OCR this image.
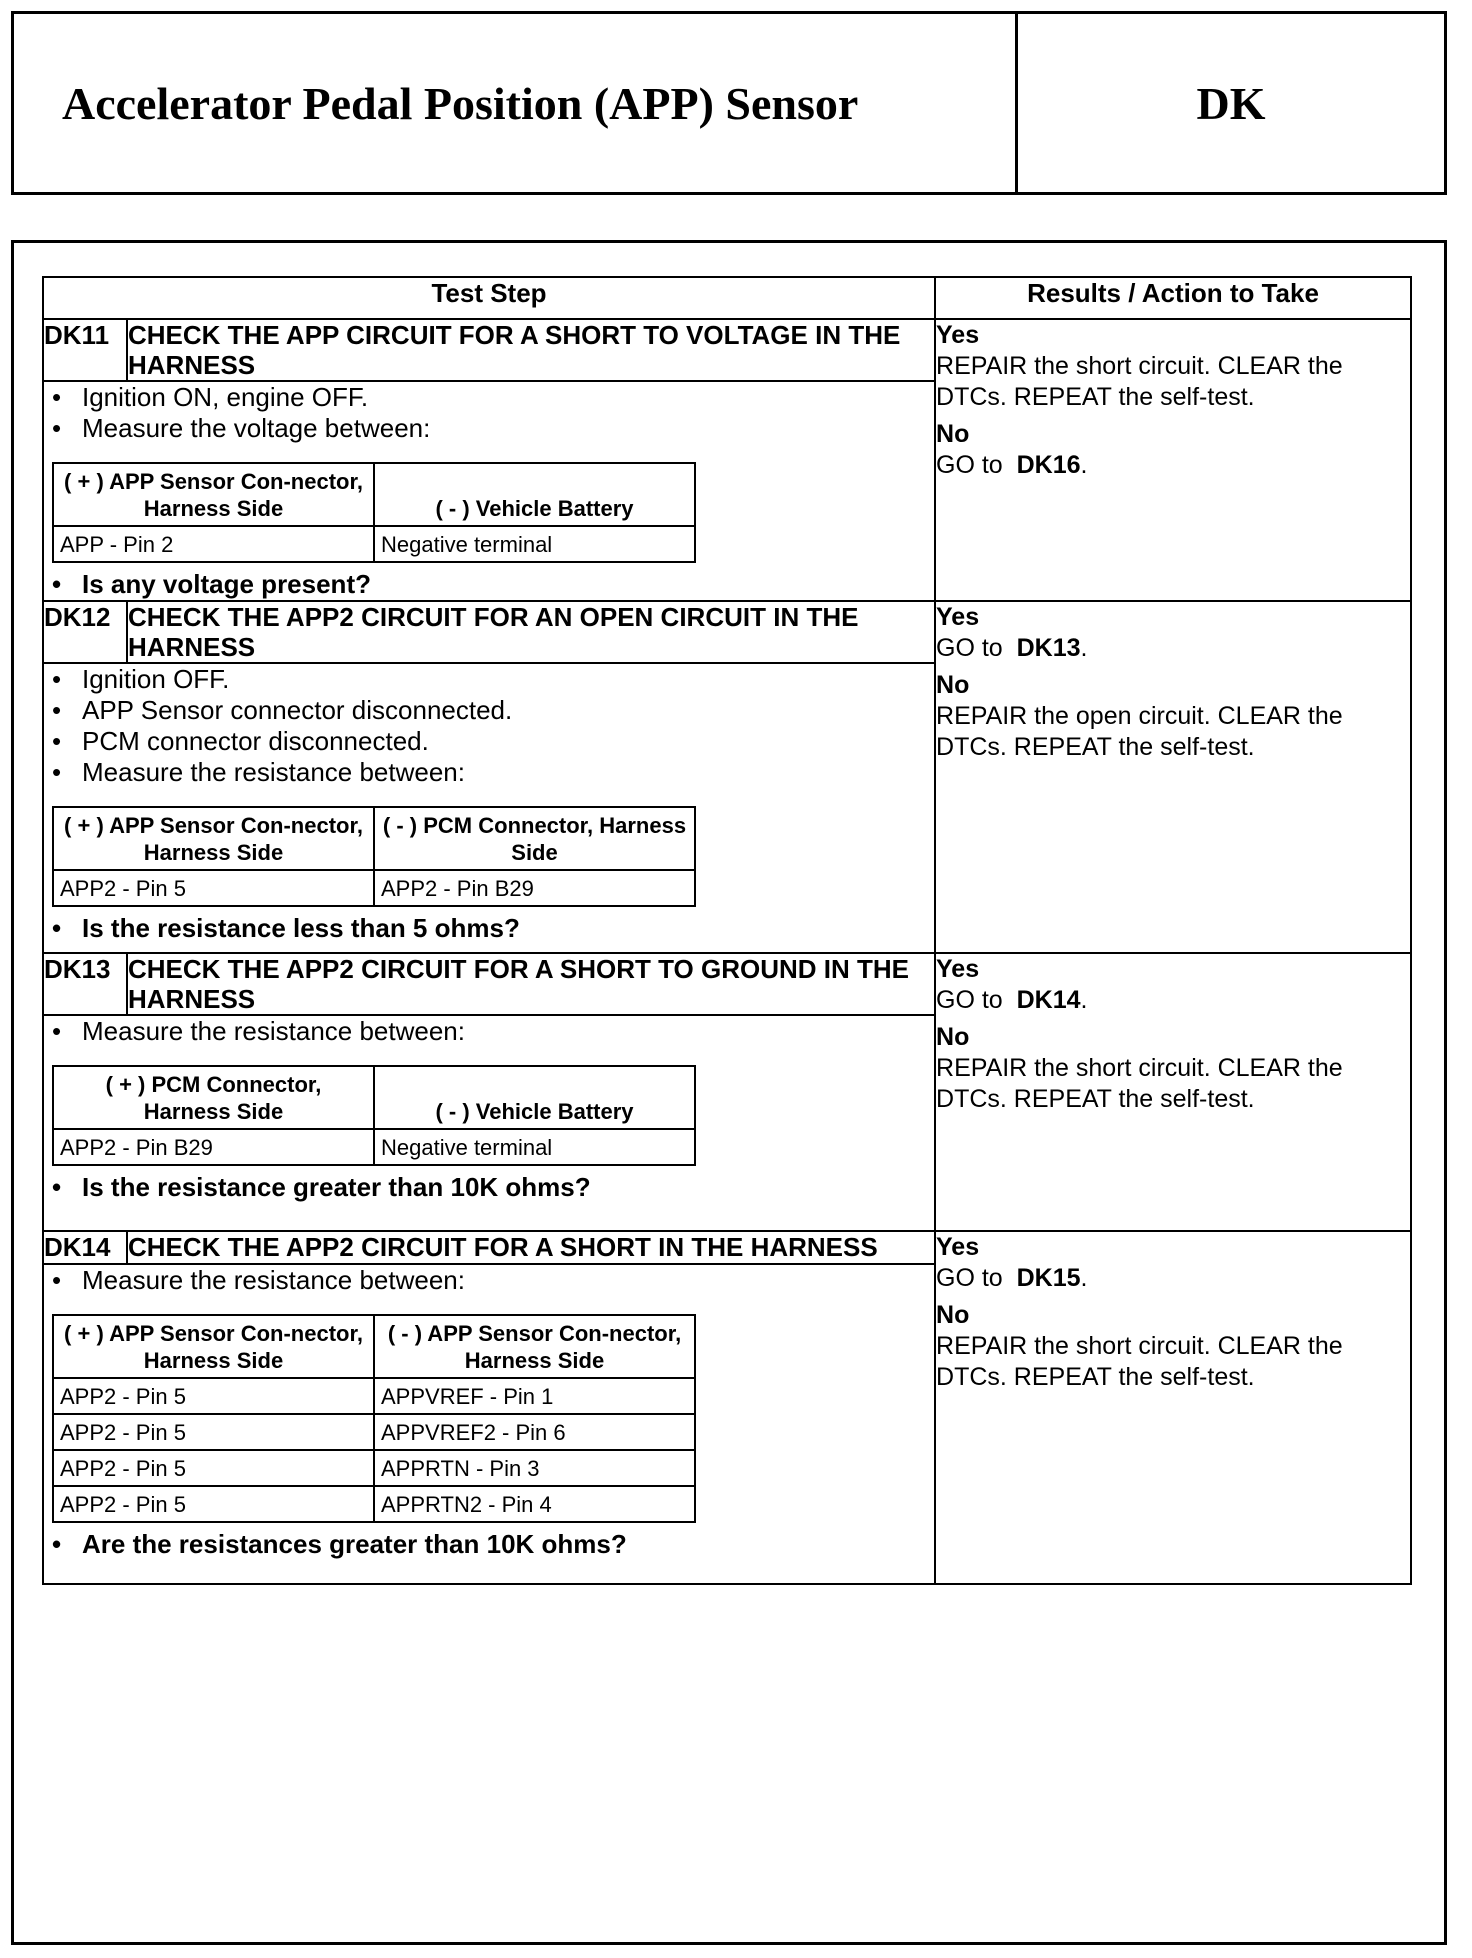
Accelerator Pedal Position (APP) Sensor	DK
Test Step	Results / Action to Take
DK11	CHECK THE APP CIRCUIT FOR A SHORT TO VOLTAGE IN THE HARNESS	
Yes
REPAIR the short circuit. CLEAR the DTCs. REPEAT the self-test.
No
GO to DK16.

• Ignition ON, engine OFF.
• Measure the voltage between:
( + ) APP Sensor Con-nector, Harness Side	( - ) Vehicle Battery
APP - Pin 2	Negative terminal
• Is any voltage present?

DK12	CHECK THE APP2 CIRCUIT FOR AN OPEN CIRCUIT IN THE HARNESS	
Yes
GO to DK13.
No
REPAIR the open circuit. CLEAR the DTCs. REPEAT the self-test.

• Ignition OFF.
• APP Sensor connector disconnected.
• PCM connector disconnected.
• Measure the resistance between:
( + ) APP Sensor Con-nector, Harness Side	( - ) PCM Connector, Harness Side
APP2 - Pin 5	APP2 - Pin B29
• Is the resistance less than 5 ohms?

DK13	CHECK THE APP2 CIRCUIT FOR A SHORT TO GROUND IN THE HARNESS	
Yes
GO to DK14.
No
REPAIR the short circuit. CLEAR the DTCs. REPEAT the self-test.

• Measure the resistance between:
( + ) PCM Connector, Harness Side	( - ) Vehicle Battery
APP2 - Pin B29	Negative terminal
• Is the resistance greater than 10K ohms?

DK14	CHECK THE APP2 CIRCUIT FOR A SHORT IN THE HARNESS	Yes
GO to DK15.
No
REPAIR the short circuit. CLEAR the DTCs. REPEAT the self-test.

• Measure the resistance between:
( + ) APP Sensor Con-nector, Harness Side	( - ) APP Sensor Con-nector, Harness Side
APP2 - Pin 5	APPVREF - Pin 1
APP2 - Pin 5	APPVREF2 - Pin 6
APP2 - Pin 5	APPRTN - Pin 3
APP2 - Pin 5	APPRTN2 - Pin 4
• Are the resistances greater than 10K ohms?
